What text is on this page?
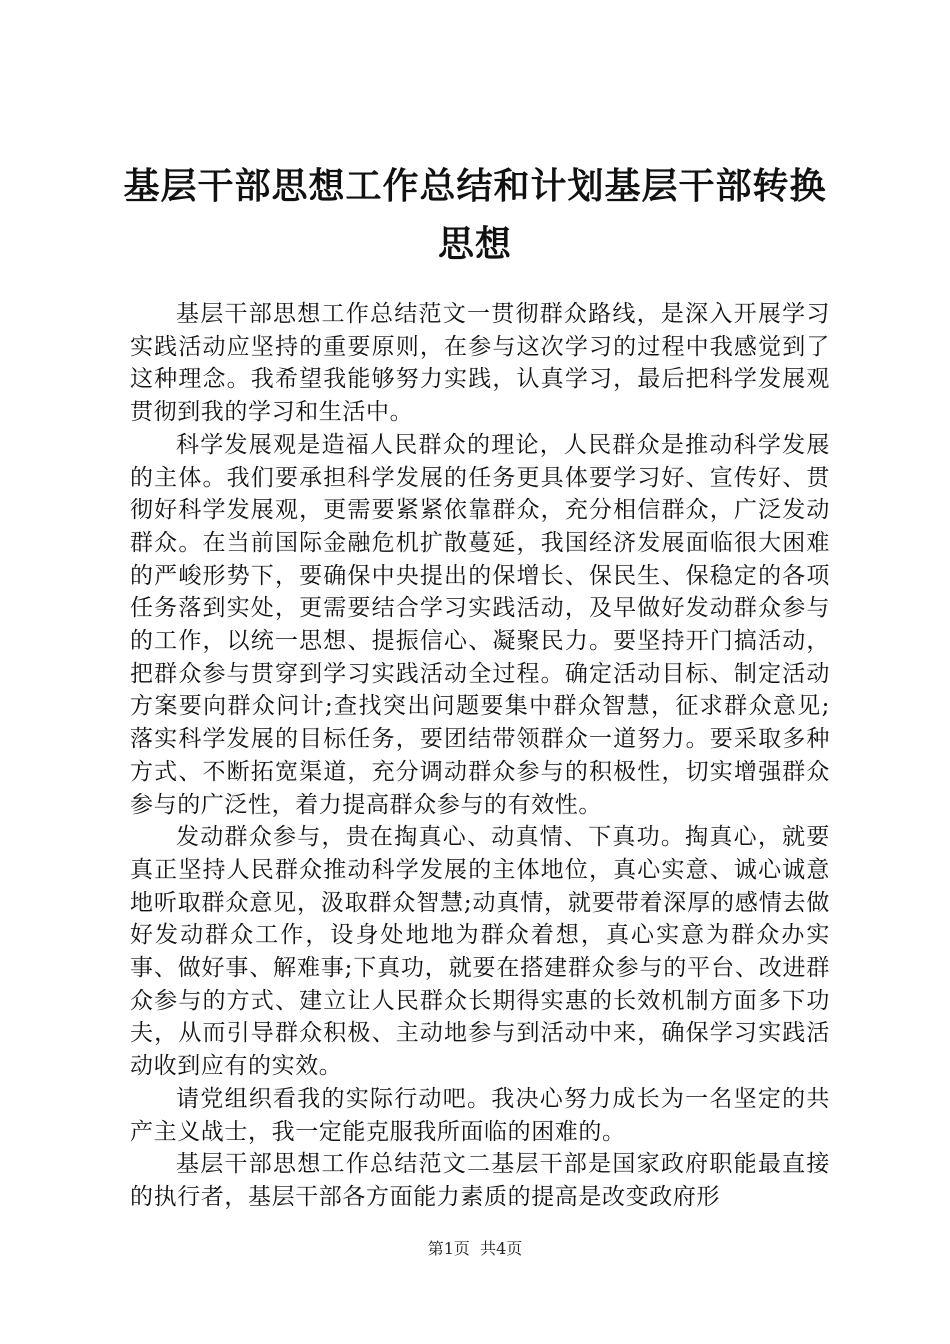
基层干部思想工作总结和计划基层干部转换思想

基层干部思想工作总结范文一贯彻群众路线，是深入开展学习实践活动应坚持的重要原则，在参与这次学习的过程中我感觉到了这种理念。我希望我能够努力实践，认真学习，最后把科学发展观贯彻到我的学习和生活中。

科学发展观是造福人民群众的理论，人民群众是推动科学发展的主体。我们要承担科学发展的任务更具体要学习好、宣传好、贯彻好科学发展观，更需要紧紧依靠群众，充分相信群众，广泛发动群众。在当前国际金融危机扩散蔓延，我国经济发展面临很大困难的严峻形势下，要确保中央提出的保增长、保民生、保稳定的各项任务落到实处，更需要结合学习实践活动，及早做好发动群众参与的工作，以统一思想、提振信心、凝聚民力。要坚持开门搞活动，把群众参与贯穿到学习实践活动全过程。确定活动目标、制定活动方案要向群众问计;查找突出问题要集中群众智慧，征求群众意见;落实科学发展的目标任务，要团结带领群众一道努力。要采取多种方式、不断拓宽渠道，充分调动群众参与的积极性，切实增强群众参与的广泛性，着力提高群众参与的有效性。

发动群众参与，贵在掏真心、动真情、下真功。掏真心，就要真正坚持人民群众推动科学发展的主体地位，真心实意、诚心诚意地听取群众意见，汲取群众智慧;动真情，就要带着深厚的感情去做好发动群众工作，设身处地地为群众着想，真心实意为群众办实事、做好事、解难事;下真功，就要在搭建群众参与的平台、改进群众参与的方式、建立让人民群众长期得实惠的长效机制方面多下功夫，从而引导群众积极、主动地参与到活动中来，确保学习实践活动收到应有的实效。

请党组织看我的实际行动吧。我决心努力成长为一名坚定的共产主义战士，我一定能克服我所面临的困难的。

基层干部思想工作总结范文二基层干部是国家政府职能最直接的执行者，基层干部各方面能力素质的提高是改变政府形

第1页  共4页
